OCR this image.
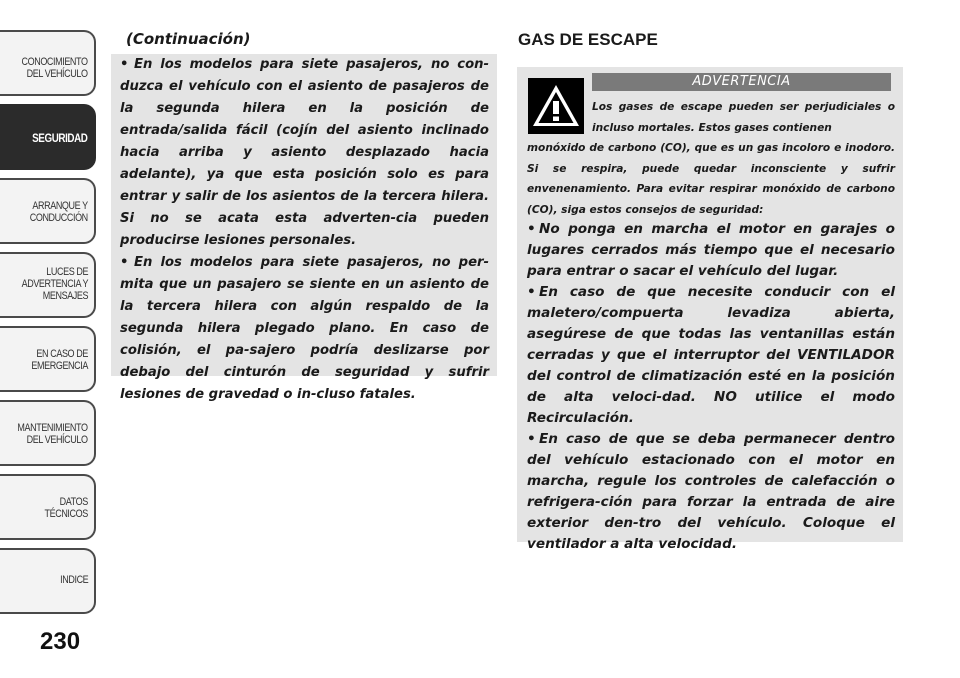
CONOCIMIENTO
DEL VEHÍCULO
SEGURIDAD
ARRANQUE Y
CONDUCCIÓN
LUCES DE
ADVERTENCIA Y
MENSAJES
EN CASO DE
EMERGENCIA
MANTENIMIENTO
DEL VEHÍCULO
DATOS
TÉCNICOS
INDICE
230
(Continuación)

• En los modelos para siete pasajeros, no con-duzca el vehículo con el asiento de pasajeros de la segunda hilera en la posición de entrada/salida fácil (cojín del asiento inclinado hacia arriba y asiento desplazado hacia adelante), ya que esta posición solo es para entrar y salir de los asientos de la tercera hilera. Si no se acata esta adverten-cia pueden producirse lesiones personales.

• En los modelos para siete pasajeros, no per-mita que un pasajero se siente en un asiento de la tercera hilera con algún respaldo de la segunda hilera plegado plano. En caso de colisión, el pa-sajero podría deslizarse por debajo del cinturón de seguridad y sufrir lesiones de gravedad o in-cluso fatales.

GAS DE ESCAPE
ADVERTENCIA
Los gases de escape pueden ser perjudiciales o incluso mortales. Estos gases contienen
monóxido de carbono (CO), que es un gas incoloro e inodoro. Si se respira, puede quedar inconsciente y sufrir envenenamiento. Para evitar respirar monóxido de carbono (CO), siga estos consejos de seguridad:

• No ponga en marcha el motor en garajes o lugares cerrados más tiempo que el necesario para entrar o sacar el vehículo del lugar.

• En caso de que necesite conducir con el maletero/compuerta levadiza abierta, asegúrese de que todas las ventanillas están cerradas y que el interruptor del VENTILADOR del control de climatización esté en la posición de alta veloci-dad. NO utilice el modo Recirculación.

• En caso de que se deba permanecer dentro del vehículo estacionado con el motor en marcha, regule los controles de calefacción o refrigera-ción para forzar la entrada de aire exterior den-tro del vehículo. Coloque el ventilador a alta velocidad.
